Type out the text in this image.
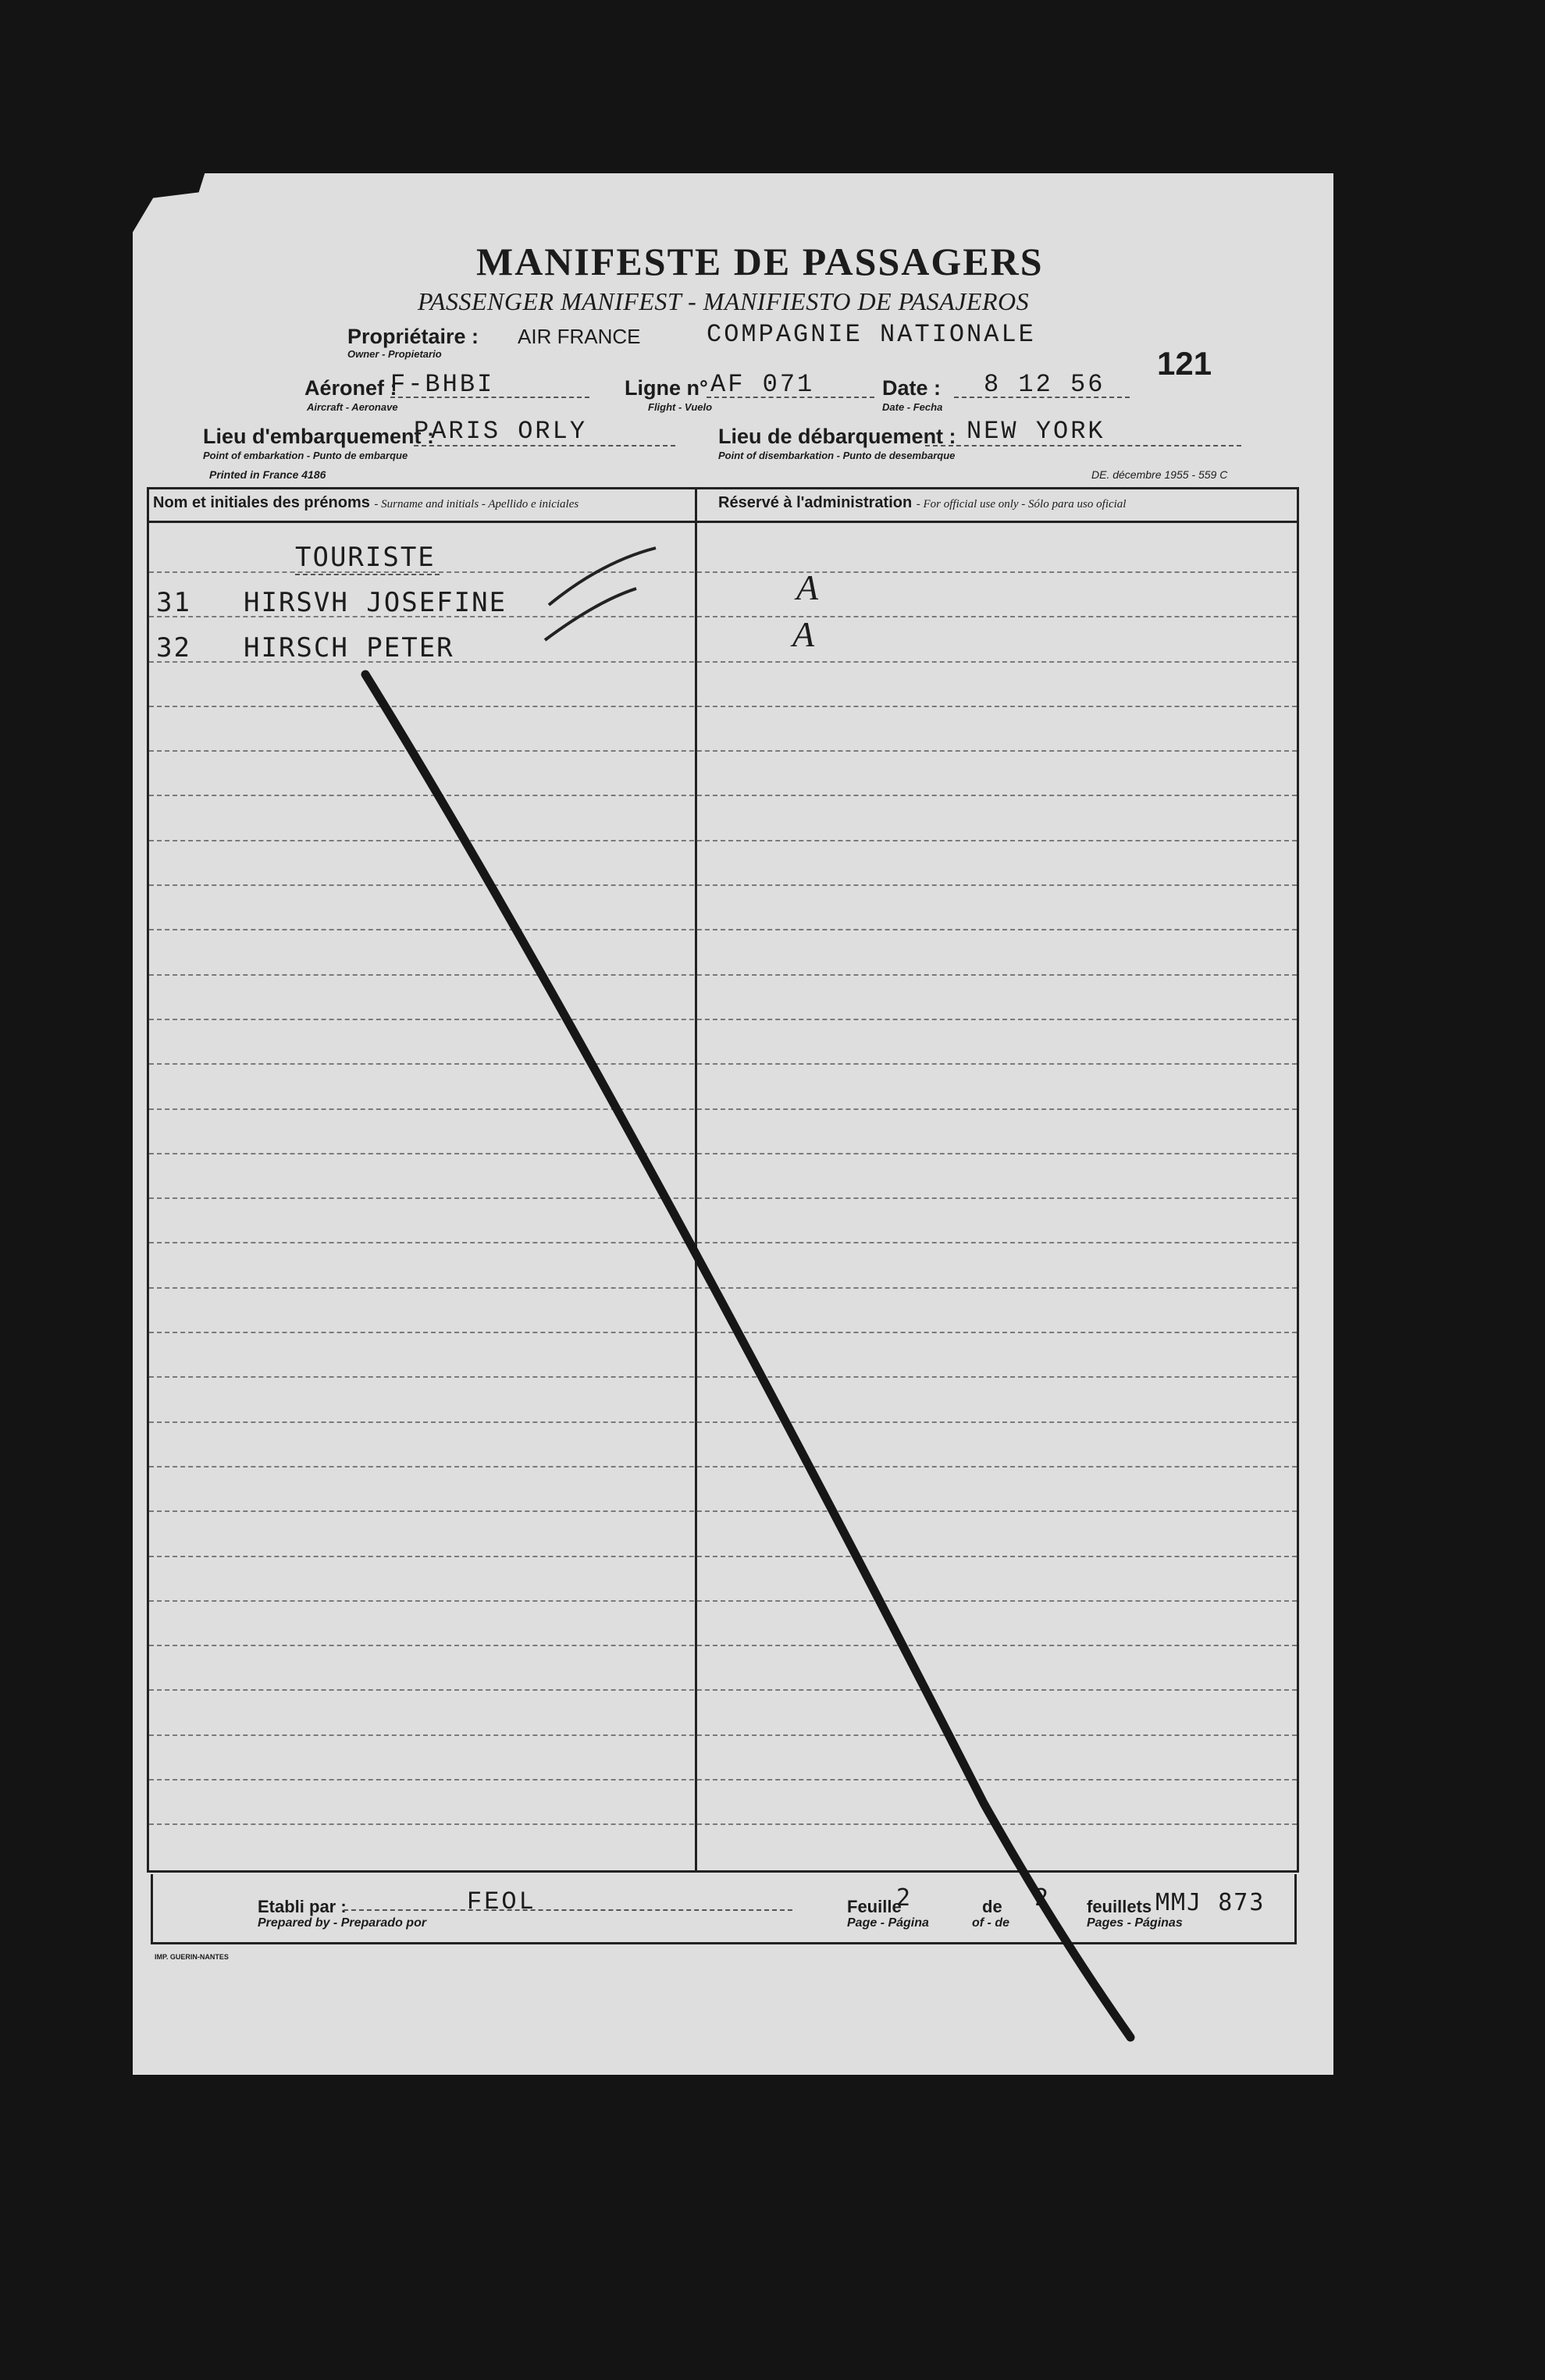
MANIFESTE DE PASSAGERS
PASSENGER MANIFEST - MANIFIESTO DE PASAJEROS
121
Propriétaire :
Owner - Propietario
AIR FRANCE	COMPAGNIE NATIONALE
Aéronef :
Aircraft - Aeronave
F-BHBI	Ligne n°
Flight - Vuelo
AF 071	Date :
Date - Fecha
8 12 56
Lieu d'embarquement :
Point of embarkation - Punto de embarque
PARIS ORLY	Lieu de débarquement :
Point of disembarkation - Punto de desembarque
NEW YORK
Printed in France 4186	DE. décembre 1955 - 559 C
Nom et initiales des prénoms - Surname and initials - Apellido e iniciales	Réservé à l'administration - For official use only - Sólo para uso oficial
TOURISTE
31 HIRSVH JOSEFINE	A
32 HIRSCH PETER	A
Etabli par :
Prepared by - Preparado por
FEOL	Feuille
Page - Página
2	de
of - de
2 feuillets
Pages - Páginas
MMJ 873
IMP. GUERIN-NANTES
